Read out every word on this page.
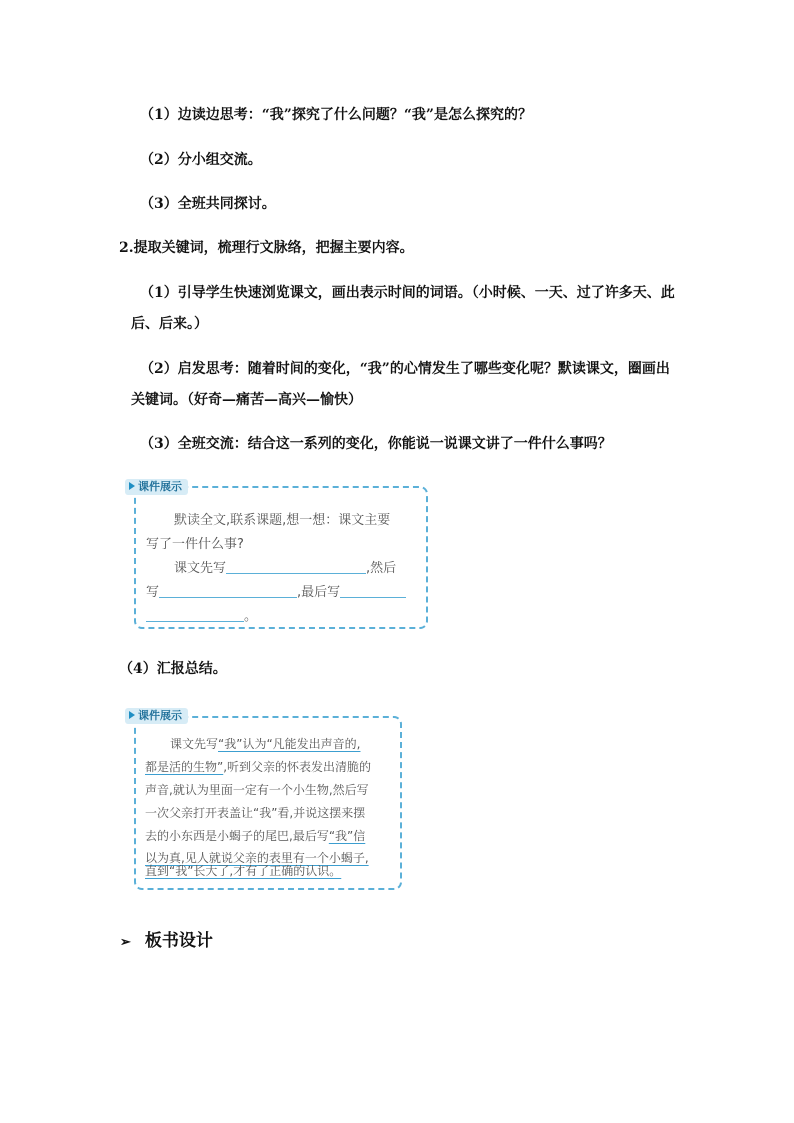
（1）边读边思考：“我”探究了什么问题？“我”是怎么探究的？
（2）分小组交流。
（3）全班共同探讨。
2.提取关键词，梳理行文脉络，把握主要内容。
（1）引导学生快速浏览课文，画出表示时间的词语。（小时候、一天、过了许多天、此
后、后来。）
（2）启发思考：随着时间的变化，“我”的心情发生了哪些变化呢？默读课文，圈画出
关键词。（好奇—痛苦—高兴—愉快）
（3）全班交流：结合这一系列的变化，你能说一说课文讲了一件什么事吗？
课件展示
默读全文,联系课题,想一想：课文主要
写了一件什么事?
课文先写	,然后
写	,最后写
。
（4）汇报总结。
课件展示
课文先写“我”认为“凡能发出声音的,
都是活的生物”,听到父亲的怀表发出清脆的
声音,就认为里面一定有一个小生物,然后写
一次父亲打开表盖让“我”看,并说这摆来摆
去的小东西是小蝎子的尾巴,最后写“我”信
以为真,见人就说父亲的表里有一个小蝎子,
直到“我”长大了,才有了正确的认识。
➢ 板书设计
